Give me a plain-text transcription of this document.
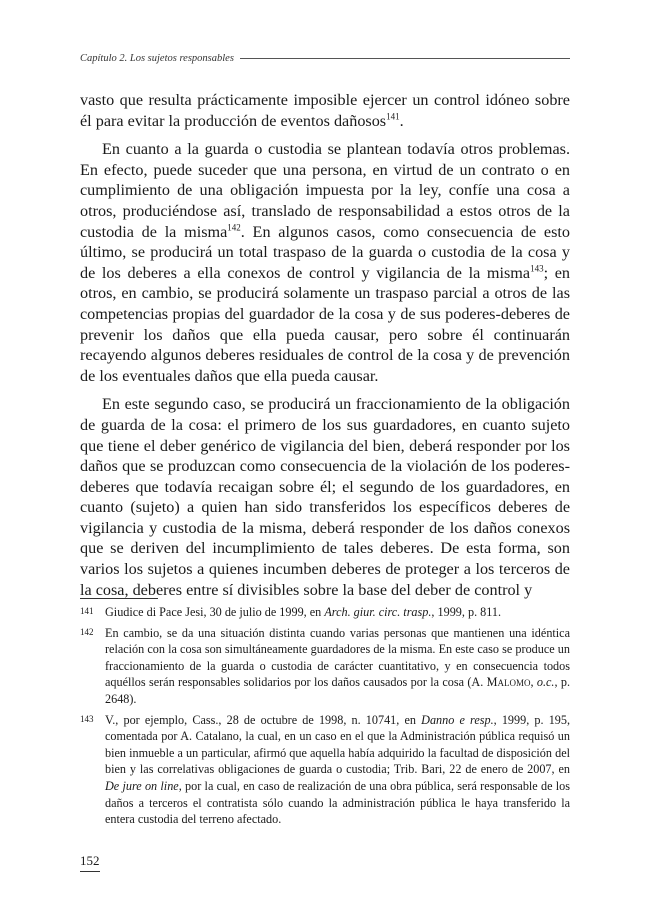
Capítulo 2. Los sujetos responsables

vasto que resulta prácticamente imposible ejercer un control idóneo sobre él para evitar la producción de eventos dañosos$^{141}$.

En cuanto a la guarda o custodia se plantean todavía otros problemas. En efecto, puede suceder que una persona, en virtud de un contrato o en cumplimiento de una obligación impuesta por la ley, confíe una cosa a otros, produciéndose así, translado de responsabilidad a estos otros de la custodia de la misma$^{142}$. En algunos casos, como consecuencia de esto último, se producirá un total traspaso de la guarda o custodia de la cosa y de los deberes a ella conexos de control y vigilancia de la misma$^{143}$; en otros, en cambio, se producirá solamente un traspaso parcial a otros de las competencias propias del guardador de la cosa y de sus poderes-deberes de prevenir los daños que ella pueda causar, pero sobre él continuarán recayendo algunos deberes residuales de control de la cosa y de prevención de los eventuales daños que ella pueda causar.

En este segundo caso, se producirá un fraccionamiento de la obligación de guarda de la cosa: el primero de los sus guardadores, en cuanto sujeto que tiene el deber genérico de vigilancia del bien, deberá responder por los daños que se produzcan como consecuencia de la violación de los poderes-deberes que todavía recaigan sobre él; el segundo de los guardadores, en cuanto (sujeto) a quien han sido transferidos los específicos deberes de vigilancia y custodia de la misma, deberá responder de los daños conexos que se deriven del incumplimiento de tales deberes. De esta forma, son varios los sujetos a quienes incumben deberes de proteger a los terceros de la cosa, deberes entre sí divisibles sobre la base del deber de control y

141 Giudice di Pace Jesi, 30 de julio de 1999, en Arch. giur. circ. trasp., 1999, p. 811.
142 En cambio, se da una situación distinta cuando varias personas que mantienen una idéntica relación con la cosa son simultáneamente guardadores de la misma. En este caso se produce un fraccionamiento de la guarda o custodia de carácter cuantitativo, y en consecuencia todos aquéllos serán responsables solidarios por los daños causados por la cosa (A. Malomo, o.c., p. 2648).
143 V., por ejemplo, Cass., 28 de octubre de 1998, n. 10741, en Danno e resp., 1999, p. 195, comentada por A. Catalano, la cual, en un caso en el que la Administración pública requisó un bien inmueble a un particular, afirmó que aquella había adquirido la facultad de disposición del bien y las correlativas obligaciones de guarda o custodia; Trib. Bari, 22 de enero de 2007, en De jure on line, por la cual, en caso de realización de una obra pública, será responsable de los daños a terceros el contratista sólo cuando la administración pública le haya transferido la entera custodia del terreno afectado.
152
